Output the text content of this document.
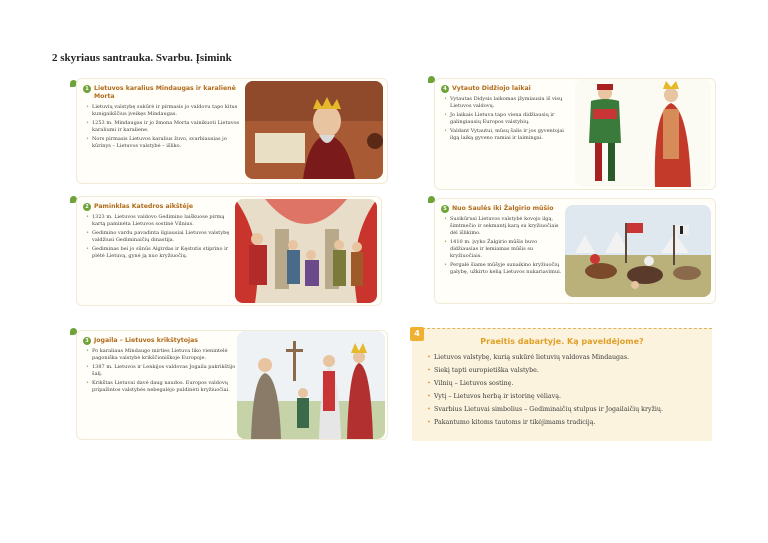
2 skyriaus santrauka. Svarbu. Įsimink
1 Lietuvos karalius Mindaugas ir karalienė Morta
• Lietuvių valstybę sukūrė ir pirmasis jo valdovu tapo kitus kunigaikščius įveikęs Mindaugas.
• 1253 m. Mindaugas ir jo žmona Morta vainikuoti Lietuvos karaliumi ir karaliene.
• Nors pirmasis Lietuvos karalius žuvo, svarbiausias jo kūrinys – Lietuvos valstybė – išliko.
2 Paminklas Katedros aikštėje
• 1323 m. Lietuvos valdovo Gedimino laiškuose pirmą kartą paminėta Lietuvos sostinė Vilnius.
• Gedimino vardu pavadinta ilgiausiai Lietuvos valstybę valdžiusi Gediminaičių dinastija.
• Gediminas bei jo sūnūs Algirdas ir Kęstutis stiprino ir plėtė Lietuvą, gynė ją nuo kryžiuočių.
3 Jogaila – Lietuvos krikštytojas
• Po karaliaus Mindaugo mirties Lietuva liko vienintelė pagoniška valstybė krikščioniškoje Europoje.
• 1387 m. Lietuvos ir Lenkijos valdovas Jogaila pakrikštijo šalį.
• Krikštas Lietuvai davė daug naudos. Europos valdovų pripažintos valstybės nebegalėjo puldinėti kryžiuočiai.
4 Vytauto Didžiojo laikai
• Vytautas Didysis laikomas įžymiausiu iš visų Lietuvos valdovų.
• Jo laikais Lietuva tapo viena didžiausių ir galingiausių Europos valstybių.
• Valdant Vytautui, mūsų šalis ir jos gyventojai ilgą laiką gyveno ramiai ir laimingai.
5 Nuo Saulės iki Žalgirio mūšio
• Susikūrusi Lietuvos valstybė kovojo ilgą, šimtmečio ir sekmantį karą su kryžiuočiais dėl išlikimo.
• 1410 m. įvyko Žalgirio mūšis buvo didžiausias ir lemiamas mūšis su kryžiuočiais.
• Pergalė šiame mūšyje sunaikino kryžiuočių galybę, užkirto kelią Lietuvos nukariavimui.
4
Praeitis dabartyje. Ką paveldėjome?
• Lietuvos valstybę, kurią sukūrė lietuvių valdovas Mindaugas.
• Siekį tapti europietiška valstybe.
• Vilnių – Lietuvos sostinę.
• Vytį – Lietuvos herbą ir istorinę vėliavą.
• Svarbius Lietuvai simbolius – Gediminaičių stulpus ir Jogailaičių kryžių.
• Pakantumo kitoms tautoms ir tikėjimams tradiciją.
